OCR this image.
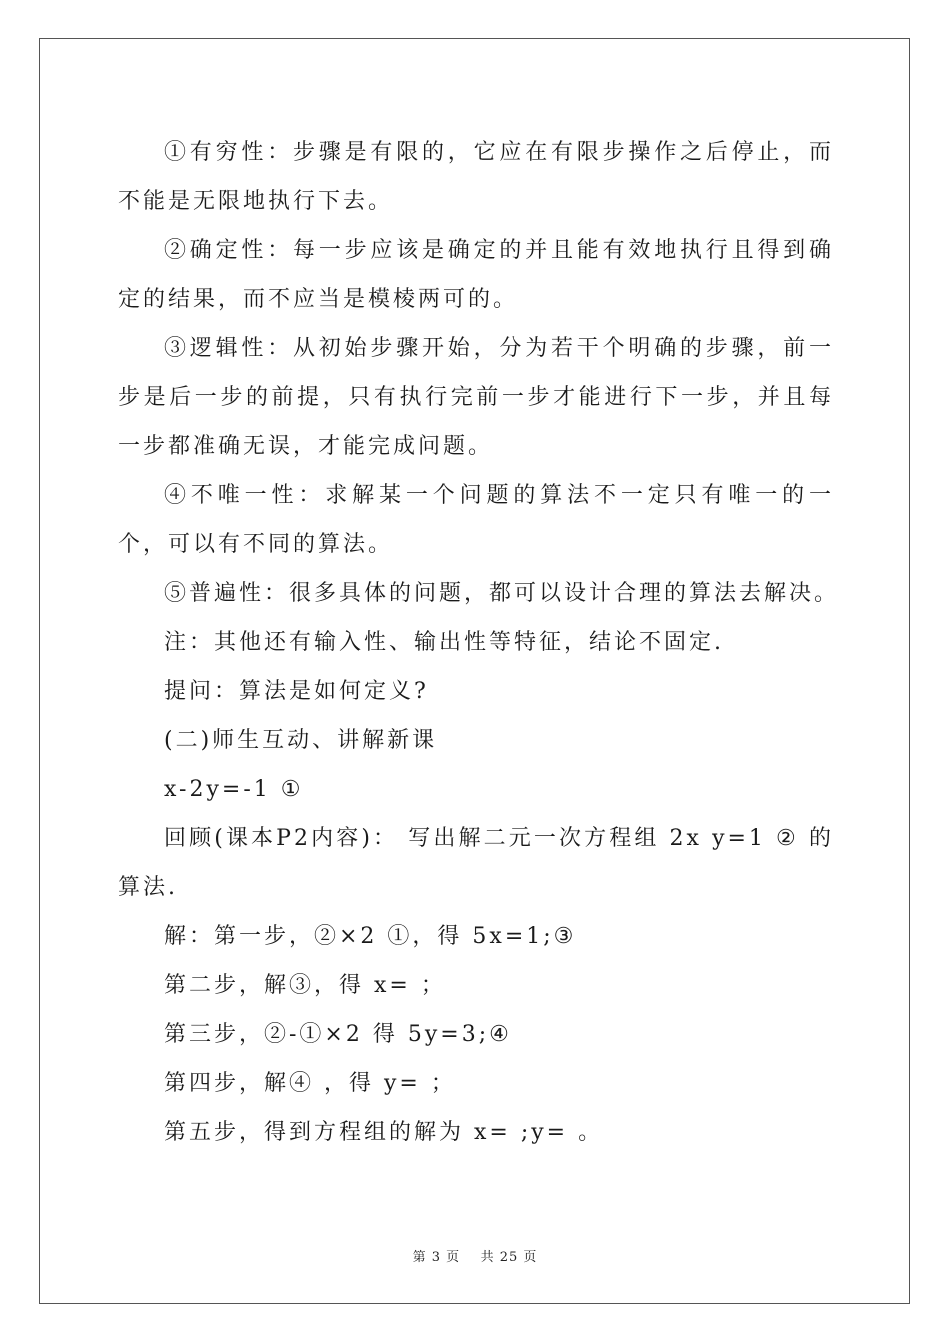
①有穷性：步骤是有限的，它应在有限步操作之后停止，而不能是无限地执行下去。

②确定性：每一步应该是确定的并且能有效地执行且得到确定的结果，而不应当是模棱两可的。

③逻辑性：从初始步骤开始，分为若干个明确的步骤，前一步是后一步的前提，只有执行完前一步才能进行下一步，并且每一步都准确无误，才能完成问题。

④不唯一性：求解某一个问题的算法不一定只有唯一的一个，可以有不同的算法。

⑤普遍性：很多具体的问题，都可以设计合理的算法去解决。

注：其他还有输入性、输出性等特征，结论不固定.

提问：算法是如何定义?

(二)师生互动、讲解新课

x-2y=-1 ①

回顾(课本P2内容)： 写出解二元一次方程组 2x y=1 ② 的算法.

解：第一步，②×2 ①，得 5x=1;③

第二步，解③，得 x= ；

第三步，②-①×2 得 5y=3;④

第四步，解④ ，得 y= ；

第五步，得到方程组的解为 x= ;y= 。

第 3 页    共 25 页
